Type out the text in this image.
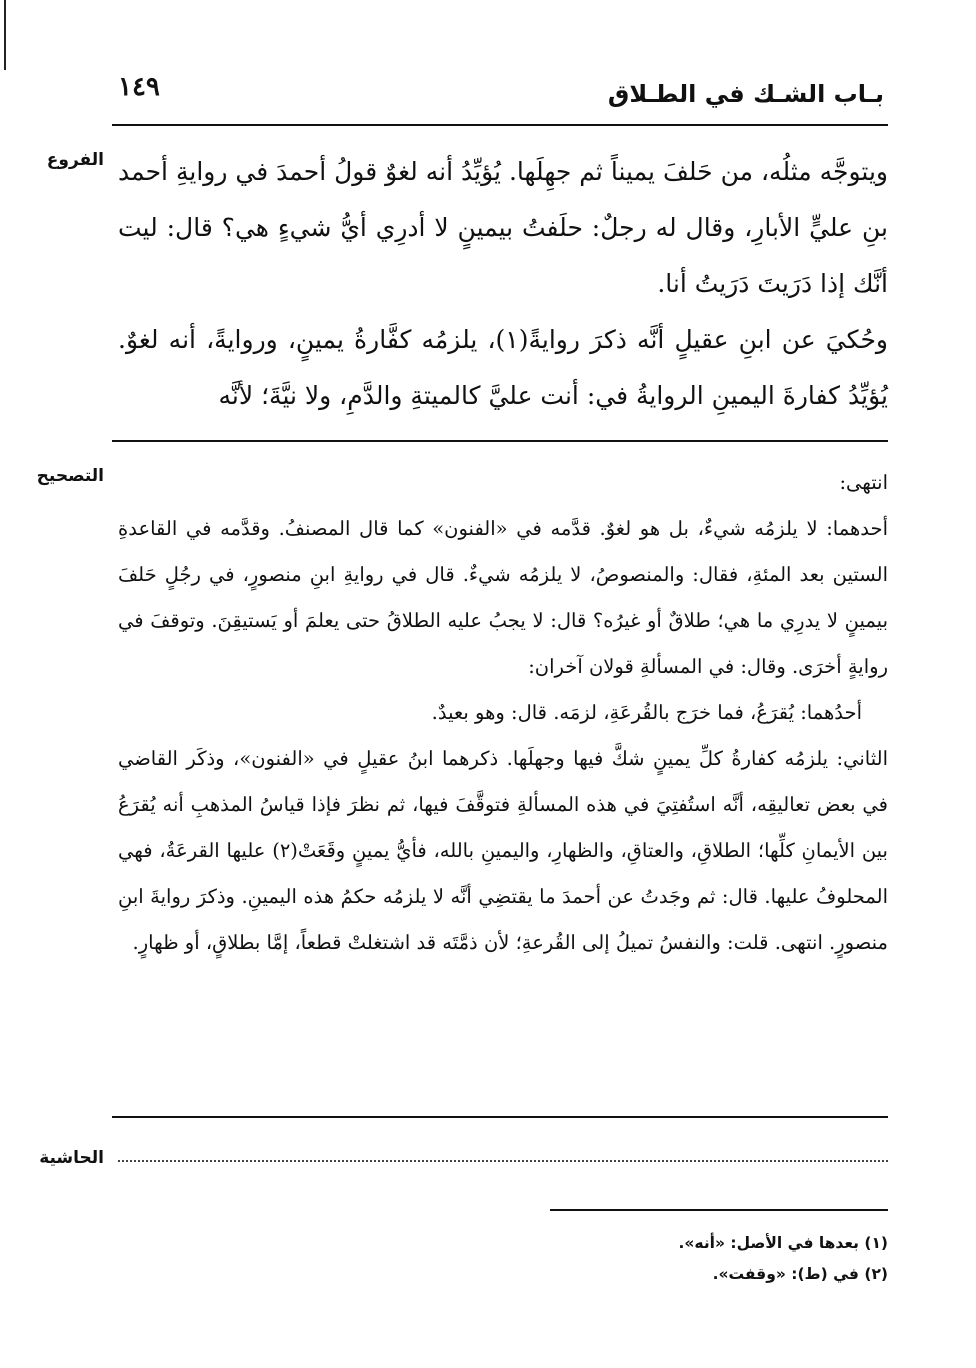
١٤٩	بـاب الشـك في الطـلاق
الفروع ويتوجَّه مثلُه، من حَلفَ يميناً ثم جهِلَها. يُؤيِّدُ أنه لغوٌ قولُ أحمدَ في روايةِ أحمد بنِ عليٍّ الأبارِ، وقال له رجلٌ: حلَفتُ بيمينٍ لا أدرِي أيُّ شيءٍ هي؟ قال: ليت أنَّك إذا دَرَيتَ دَرَيتُ أنا.

وحُكيَ عن ابنِ عقيلٍ أنَّه ذكرَ روايةً(١)، يلزمُه كفَّارةُ يمينٍ، وروايةً، أنه لغوٌ. يُؤيِّدُ كفارةَ اليمينِ الروايةُ في: أنت عليَّ كالميتةِ والدَّمِ، ولا نيَّةَ؛ لأنَّه

التصحيح	انتهى:

أحدهما: لا يلزمُه شيءٌ، بل هو لغوٌ. قدَّمه في «الفنون» كما قال المصنفُ. وقدَّمه في القاعدةِ الستين بعد المئةِ، فقال: والمنصوصُ، لا يلزمُه شيءٌ. قال في روايةِ ابنِ منصورٍ، في رجُلٍ حَلفَ بيمينٍ لا يدرِي ما هي؛ طلاقٌ أو غيرُه؟ قال: لا يجبُ عليه الطلاقُ حتى يعلمَ أو يَستيقِنَ. وتوقفَ في روايةٍ أخرَى. وقال: في المسألةِ قولان آخران:

أحدُهما: يُقرَعُ، فما خرَج بالقُرعَةِ، لزمَه. قال: وهو بعيدٌ.

الثاني: يلزمُه كفارةُ كلِّ يمينٍ شكَّ فيها وجهلَها. ذكرهما ابنُ عقيلٍ في «الفنون»، وذكَر القاضي في بعض تعاليقِه، أنَّه استُفتِيَ في هذه المسألةِ فتوقَّفَ فيها، ثم نظرَ فإذا قياسُ المذهبِ أنه يُقرَعُ بين الأيمانِ كلِّها؛ الطلاقِ، والعتاقِ، والظهارِ، واليمينِ بالله، فأيُّ يمينٍ وقَعَتْ(٢) عليها القرعَةُ، فهي المحلوفُ عليها. قال: ثم وجَدتُ عن أحمدَ ما يقتضِي أنَّه لا يلزمُه حكمُ هذه اليمينِ. وذكرَ روايةَ ابنِ منصورٍ. انتهى. قلت: والنفسُ تميلُ إلى القُرعةِ؛ لأن ذمَّتَه قد اشتغلتْ قطعاً، إمَّا بطلاقٍ، أو ظهارٍ.

الحاشية
(١) بعدها في الأصل: «أنه».
(٢) في (ط): «وقفت».
